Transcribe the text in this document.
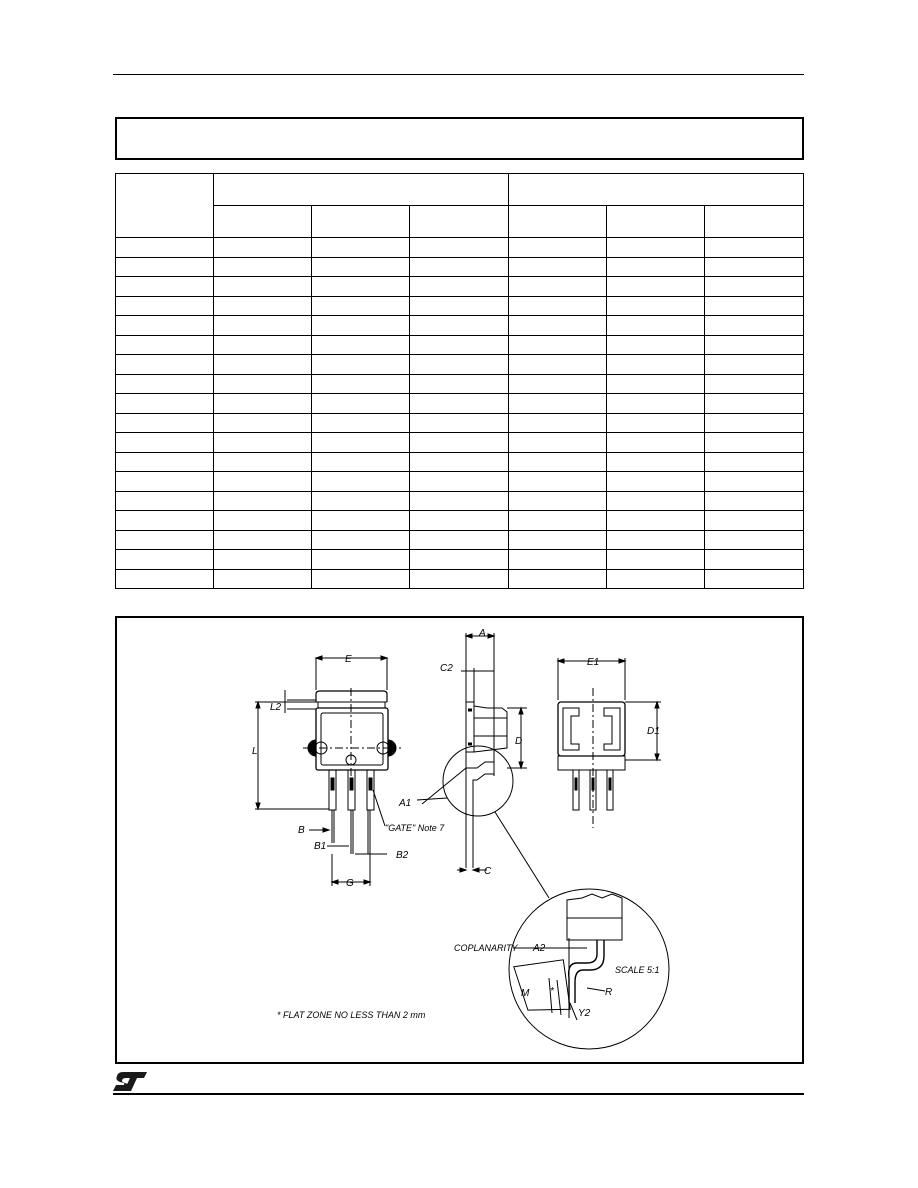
E
L2
L
B
B1
B2
G
"GATE" Note 7
A
C2
D
A1
C
E1
D1
COPLANARITY A2
SCALE 5:1
R
M *
Y2
* FLAT ZONE NO LESS THAN 2 mm
